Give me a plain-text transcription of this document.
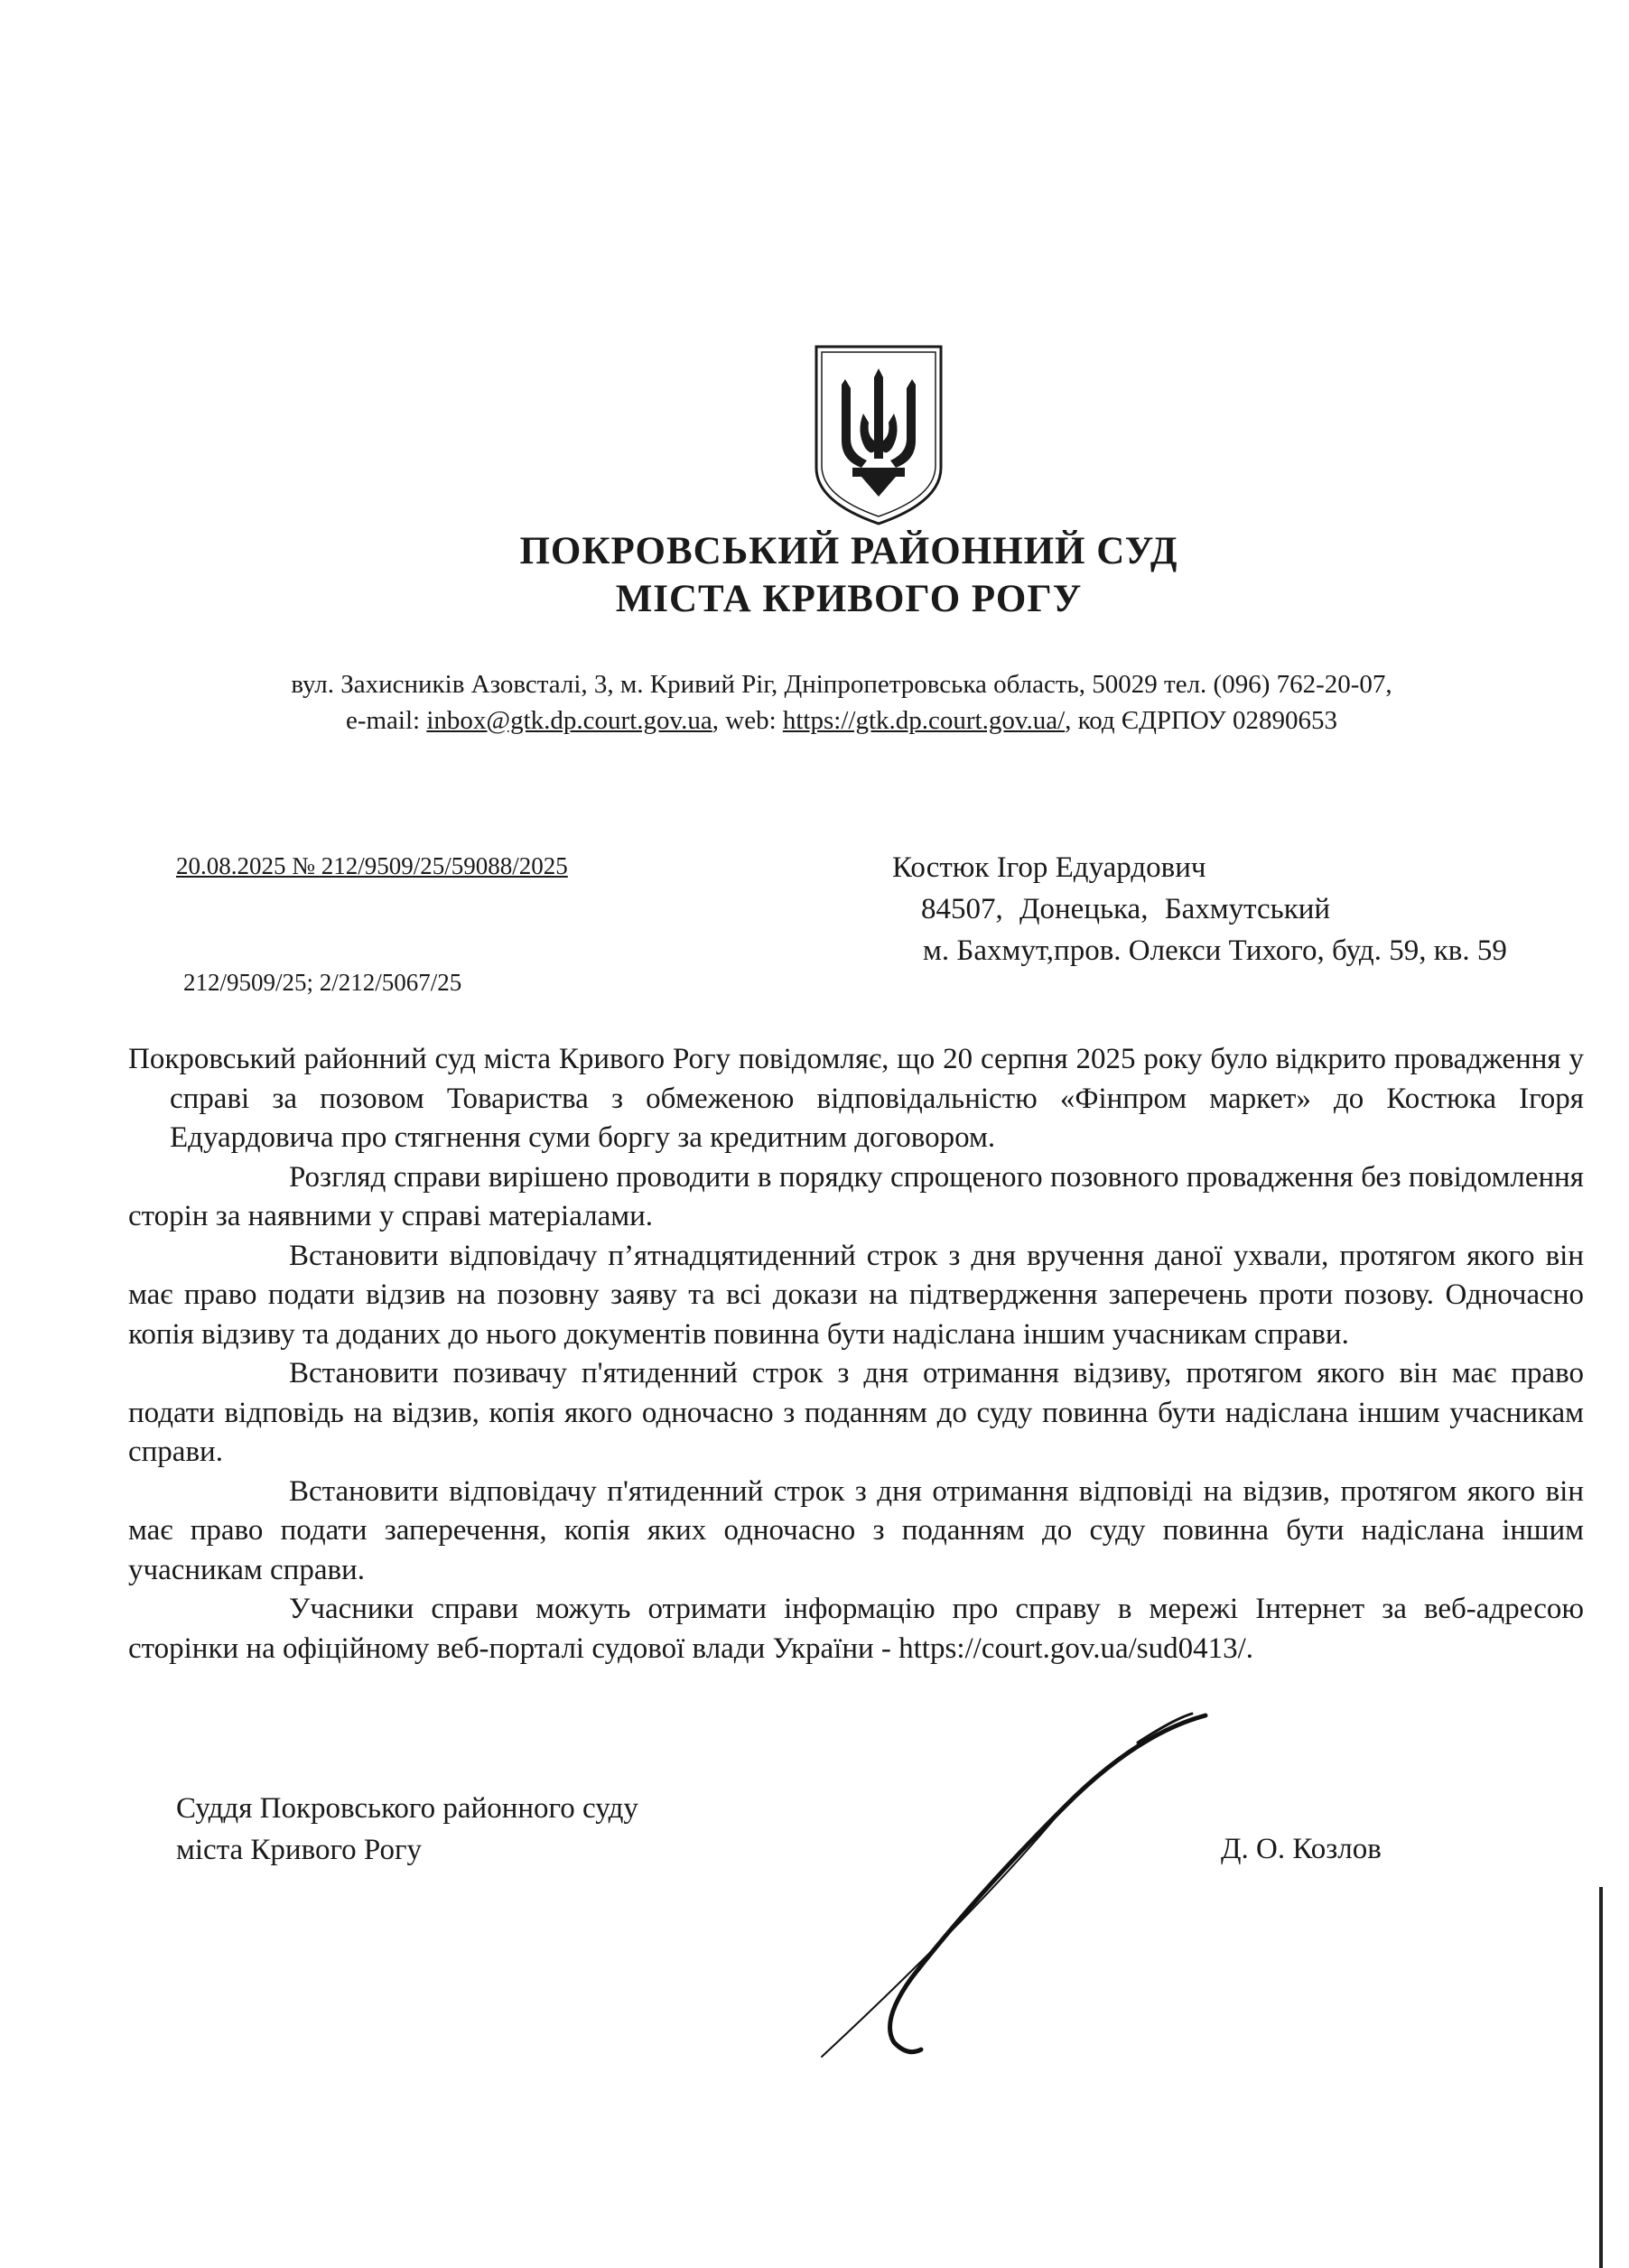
ПОКРОВСЬКИЙ РАЙОННИЙ СУД
МІСТА КРИВОГО РОГУ
вул. Захисників Азовсталі, 3, м. Кривий Ріг, Дніпропетровська область, 50029 тел. (096) 762-20-07,
e-mail: inbox@gtk.dp.court.gov.ua, web: https://gtk.dp.court.gov.ua/, код ЄДРПОУ 02890653
20.08.2025 № 212/9509/25/59088/2025
212/9509/25; 2/212/5067/25
Костюк Ігор Едуардович
84507, Донецька, Бахмутський
м. Бахмут,пров. Олекси Тихого, буд. 59, кв. 59

Покровський районний суд міста Кривого Рогу повідомляє, що 20 серпня 2025 року було відкрито провадження у справі за позовом Товариства з обмеженою відповідальністю «Фінпром маркет» до Костюка Ігоря Едуардовича про стягнення суми боргу за кредитним договором.

Розгляд справи вирішено проводити в порядку спрощеного позовного провадження без повідомлення сторін за наявними у справі матеріалами.

Встановити відповідачу п’ятнадцятиденний строк з дня вручення даної ухвали, протягом якого він має право подати відзив на позовну заяву та всі докази на підтвердження заперечень проти позову. Одночасно копія відзиву та доданих до нього документів повинна бути надіслана іншим учасникам справи.

Встановити позивачу п'ятиденний строк з дня отримання відзиву, протягом якого він має право подати відповідь на відзив, копія якого одночасно з поданням до суду повинна бути надіслана іншим учасникам справи.

Встановити відповідачу п'ятиденний строк з дня отримання відповіді на відзив, протягом якого він має право подати заперечення, копія яких одночасно з поданням до суду повинна бути надіслана іншим учасникам справи.

Учасники справи можуть отримати інформацію про справу в мережі Інтернет за веб-адресою сторінки на офіційному веб-порталі судової влади України - https://court.gov.ua/sud0413/.

Суддя Покровського районного суду
міста Кривого Рогу	Д. О. Козлов
